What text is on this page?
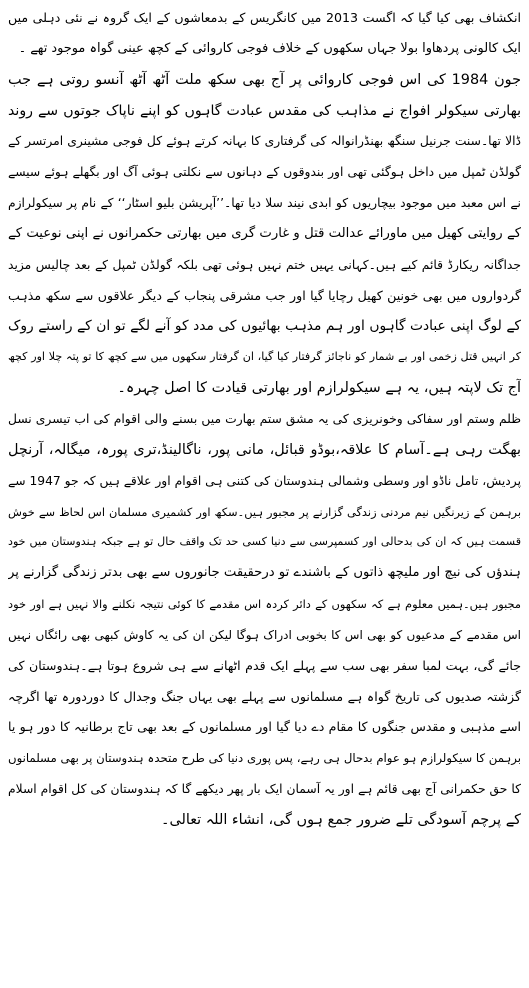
انکشاف بھی کیا گیا کہ اگست 2013 میں کانگریس کے بدمعاشوں کے ایک گروہ نے نئی دہلی میں
ایک کالونی پردھاوا بولا جہاں سکھوں کے خلاف فوجی کاروائی کے کچھ عینی گواہ موجود تھے ۔
جون 1984 کی اس فوجی کاروائی پر آج بھی سکھ ملت آٹھ آٹھ آنسو روتی ہے جب
بھارتی سیکولر افواج نے مذاہب کی مقدس عبادت گاہوں کو اپنے ناپاک جوتوں سے روند
ڈالا تھا۔سنت جرنیل سنگھ بھنڈرانوالہ کی گرفتاری کا بہانہ کرتے ہوئے کل فوجی مشینری امرتسر کے
گولڈن ٹمپل میں داخل ہوگئی تھی اور بندوقوں کے دہانوں سے نکلتی ہوئی آگ اور بگھلے ہوئے سیسے
نے اس معبد میں موجود بیچاریوں کو ابدی نیند سلا دیا تھا۔’’آپریشن بلیو اسٹار‘‘ کے نام پر سیکولرازم
کے روایتی کھیل میں ماورائے عدالت قتل و غارت گری میں بھارتی حکمرانوں نے اپنی نوعیت کے
جداگانہ ریکارڈ قائم کیے ہیں۔کہانی یہیں ختم نہیں ہوئی تھی بلکہ گولڈن ٹمپل کے بعد چالیس مزید
گردواروں میں بھی خونین کھیل رچایا گیا اور جب مشرقی پنجاب کے دیگر علاقوں سے سکھ مذہب
کے لوگ اپنی عبادت گاہوں اور ہم مذہب بھائیوں کی مدد کو آنے لگے تو ان کے راستے روک
کر انہیں قتل زخمی اور بے شمار کو ناجائز گرفتار کیا گیا، ان گرفتار سکھوں میں سے کچھ کا تو پتہ چلا اور کچھ
آج تک لاپتہ ہیں، یہ ہے سیکولرازم اور بھارتی قیادت کا اصل چہرہ۔
ظلم وستم اور سفاکی وخونریزی کی یہ مشق ستم بھارت میں بسنے والی اقوام کی اب تیسری نسل
بھگت رہی ہے۔آسام کا علاقہ،بوڈو قبائل، مانی پور، ناگالینڈ،تری پورہ، میگالہ، آرنچل
پردیش، تامل ناڈو اور وسطی وشمالی ہندوستان کی کتنی ہی اقوام اور علاقے ہیں کہ جو 1947 سے
برہمن کے زیرنگیں نیم مردنی زندگی گزارنے پر مجبور ہیں۔سکھ اور کشمیری مسلمان اس لحاظ سے خوش
قسمت ہیں کہ ان کی بدحالی اور کسمپرسی سے دنیا کسی حد تک واقف حال تو ہے جبکہ ہندوستان میں خود
ہندؤں کی نیچ اور ملیچھ ذاتوں کے باشندے تو درحقیقت جانوروں سے بھی بدتر زندگی گزارنے پر
مجبور ہیں۔ہمیں معلوم ہے کہ سکھوں کے دائر کردہ اس مقدمے کا کوئی نتیجہ نکلنے والا نہیں ہے اور خود
اس مقدمے کے مدعیوں کو بھی اس کا بخوبی ادراک ہوگا لیکن ان کی یہ کاوش کبھی بھی رائگاں نہیں
جائے گی، بہت لمبا سفر بھی سب سے پہلے ایک قدم اٹھانے سے ہی شروع ہوتا ہے۔ہندوستان کی
گزشتہ صدیوں کی تاریخ گواہ ہے مسلمانوں سے پہلے بھی یہاں جنگ وجدال کا دوردورہ تھا اگرچہ
اسے مذہبی و مقدس جنگوں کا مقام دے دیا گیا اور مسلمانوں کے بعد بھی تاج برطانیہ کا دور ہو یا
برہمن کا سیکولرازم ہو عوام بدحال ہی رہے، پس پوری دنیا کی طرح متحدہ ہندوستان پر بھی مسلمانوں
کا حق حکمرانی آج بھی قائم ہے اور یہ آسمان ایک بار پھر دیکھے گا کہ ہندوستان کی کل اقوام اسلام
کے پرچم آسودگی تلے ضرور جمع ہوں گی، انشاء اللہ تعالی۔
